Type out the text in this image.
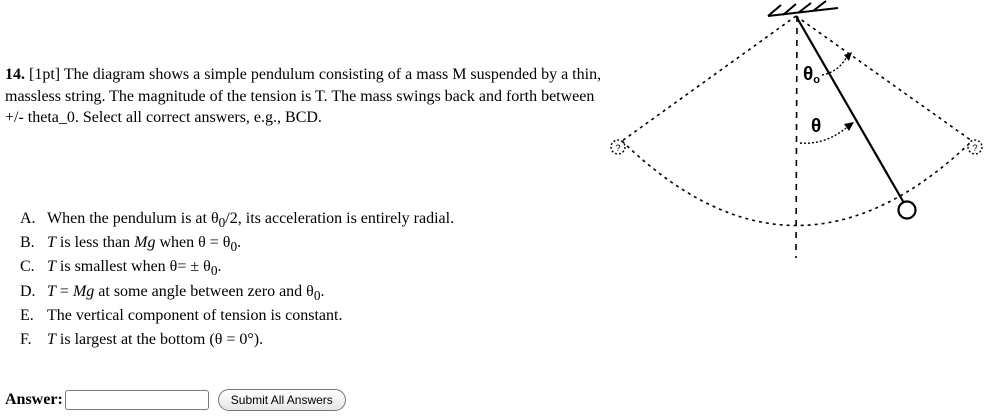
14. [1pt] The diagram shows a simple pendulum consisting of a mass M suspended by a thin, massless string. The magnitude of the tension is T. The mass swings back and forth between +/- theta_0. Select all correct answers, e.g., BCD.
A. When the pendulum is at $\theta_0/2$, its acceleration is entirely radial.
B. T is less than Mg when $\theta = \theta_0$.
C. T is smallest when $\theta= \pm \theta_0$.
D. T = Mg at some angle between zero and $\theta_0$.
E. The vertical component of tension is constant.
F. T is largest at the bottom (θ = 0°).
Answer:	Submit All Answers
?	?
θo
θ
